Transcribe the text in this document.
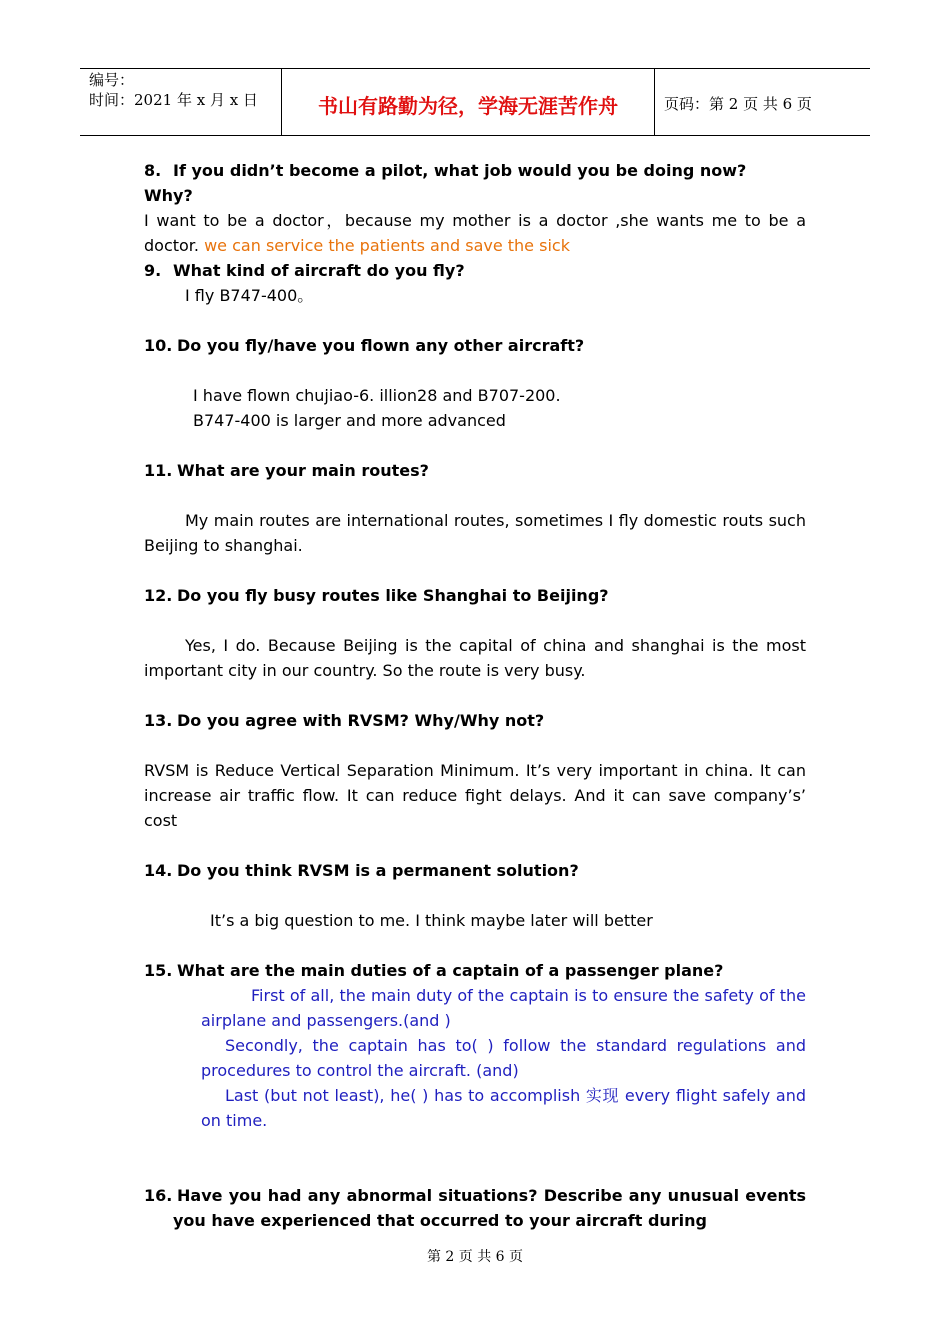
编号：
时间：2021 年 x 月 x 日	书山有路勤为径，学海无涯苦作舟	页码：第 2 页 共 6 页

8. If you didn’t become a pilot, what job would you be doing now?

Why?

I want to be a doctor，because my mother is a doctor ,she wants me to be a doctor. we can service the patients and save the sick

9. What kind of aircraft do you fly?

I fly B747-400。

10. Do you fly/have you flown any other aircraft?

I have flown chujiao-6. illion28 and B707-200.

B747-400 is larger and more advanced

11. What are your main routes?

My main routes are international routes, sometimes I fly domestic routs such Beijing to shanghai.

12. Do you fly busy routes like Shanghai to Beijing?

Yes, I do. Because Beijing is the capital of china and shanghai is the most important city in our country. So the route is very busy.

13. Do you agree with RVSM? Why/Why not?

RVSM is Reduce Vertical Separation Minimum. It’s very important in china. It can increase air traffic flow. It can reduce fight delays. And it can save company’s’ cost

14. Do you think RVSM is a permanent solution?

It’s a big question to me. I think maybe later will better

15. What are the main duties of a captain of a passenger plane?

First of all, the main duty of the captain is to ensure the safety of the airplane and passengers.(and )

Secondly, the captain has to( ) follow the standard regulations and procedures to control the aircraft. (and)

Last (but not least), he( ) has to accomplish 实现 every flight safely and on time.

16. Have you had any abnormal situations? Describe any unusual events you have experienced that occurred to your aircraft during

第 2 页 共 6 页
